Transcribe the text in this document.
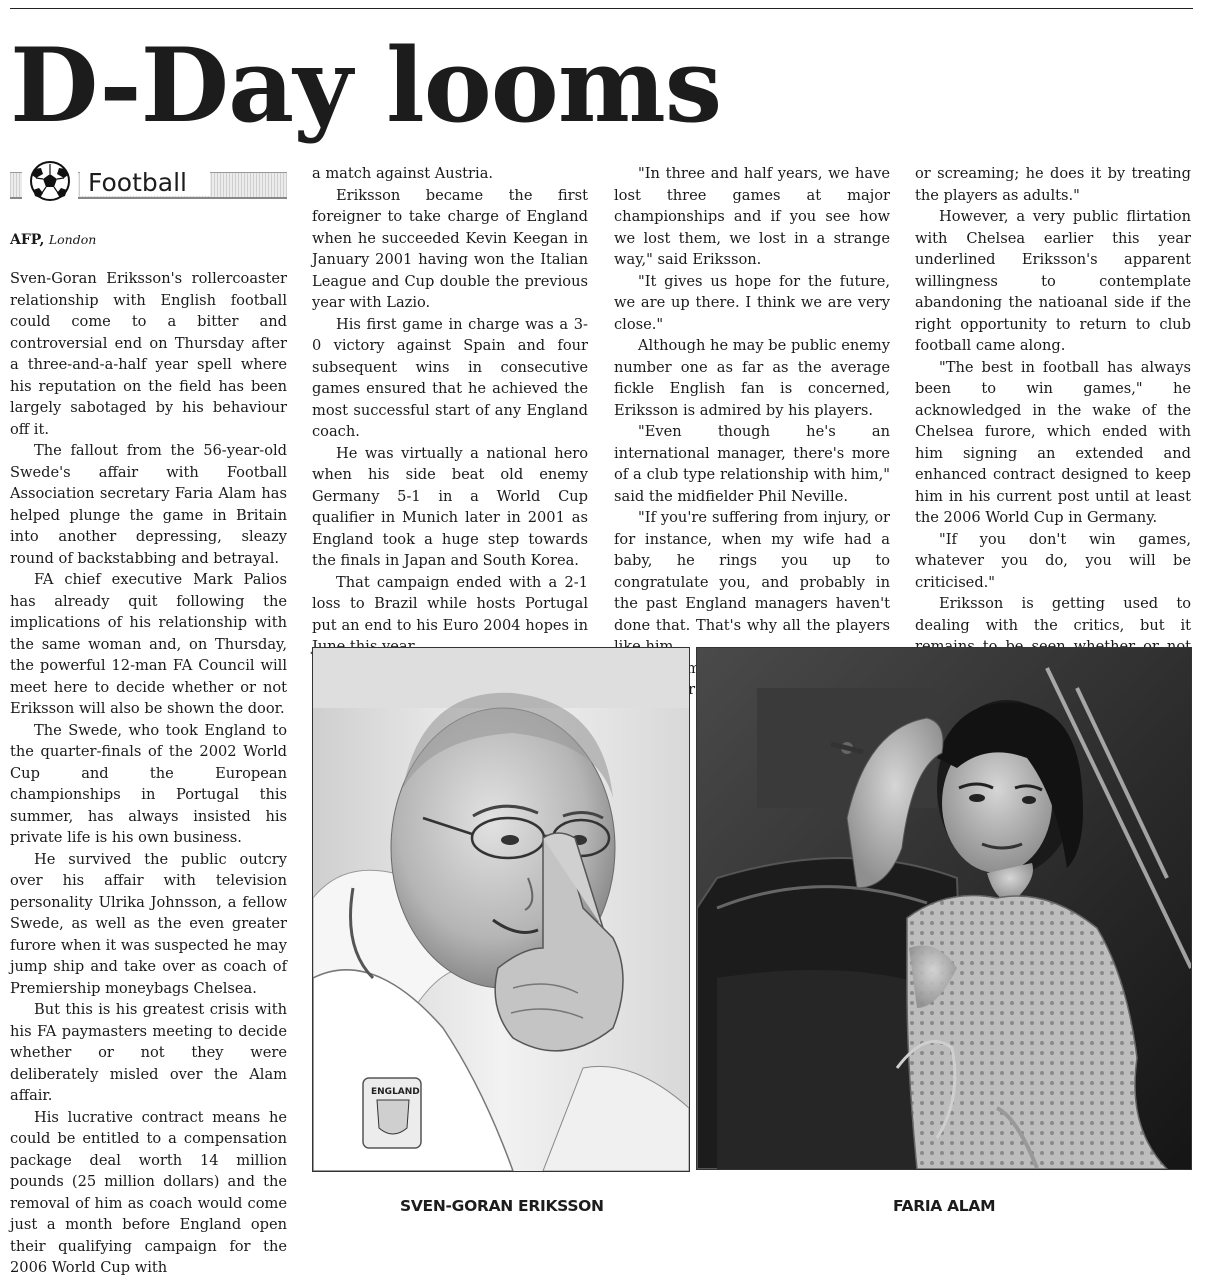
D-Day looms
Football
AFP, London

Sven-Goran Eriksson's rollercoaster relationship with English football could come to a bitter and controversial end on Thursday after a three-and-a-half year spell where his reputation on the field has been largely sabotaged by his behaviour off it.

The fallout from the 56-year-old Swede's affair with Football Association secretary Faria Alam has helped plunge the game in Britain into another depressing, sleazy round of backstabbing and betrayal.

FA chief executive Mark Palios has already quit following the implications of his relationship with the same woman and, on Thursday, the powerful 12-man FA Council will meet here to decide whether or not Eriksson will also be shown the door.

The Swede, who took England to the quarter-finals of the 2002 World Cup and the European championships in Portugal this summer, has always insisted his private life is his own business.

He survived the public outcry over his affair with television personality Ulrika Johnsson, a fellow Swede, as well as the even greater furore when it was suspected he may jump ship and take over as coach of Premiership moneybags Chelsea.

But this is his greatest crisis with his FA paymasters meeting to decide whether or not they were deliberately misled over the Alam affair.

His lucrative contract means he could be entitled to a compensation package deal worth 14 million pounds (25 million dollars) and the removal of him as coach would come just a month before England open their qualifying campaign for the 2006 World Cup with

a match against Austria.

Eriksson became the first foreigner to take charge of England when he succeeded Kevin Keegan in January 2001 having won the Italian League and Cup double the previous year with Lazio.

His first game in charge was a 3-0 victory against Spain and four subsequent wins in consecutive games ensured that he achieved the most successful start of any England coach.

He was virtually a national hero when his side beat old enemy Germany 5-1 in a World Cup qualifier in Munich later in 2001 as England took a huge step towards the finals in Japan and South Korea.

That campaign ended with a 2-1 loss to Brazil while hosts Portugal put an end to his Euro 2004 hopes in

"In three and half years, we have lost three games at major championships and if you see how we lost them, we lost in a strange way," said Eriksson.

"It gives us hope for the future, we are up there. I think we are very close."

Although he may be public enemy number one as far as the average fickle English fan is concerned, Eriksson is admired by his players.

"Even though he's an international manager, there's more of a club type relationship with him," said the midfielder Phil Neville.

"If you're suffering from injury, or for instance, when my wife had a baby, he rings you up to congratulate you, and probably in the past England managers haven't done that. That's why all the players

or screaming; he does it by treating the players as adults."

However, a very public flirtation with Chelsea earlier this year underlined Eriksson's apparent willingness to contemplate abandoning the natioanal side if the right opportunity to return to club football came along.

"The best in football has always been to win games," he acknowledged in the wake of the Chelsea furore, which ended with him signing an extended and enhanced contract designed to keep him in his current post until at least the 2006 World Cup in Germany.

"If you don't win games, whatever you do, you will be criticised."

Eriksson is getting used to dealing with the critics, but it

ENGLAND
SVEN-GORAN ERIKSSON	FARIA ALAM
